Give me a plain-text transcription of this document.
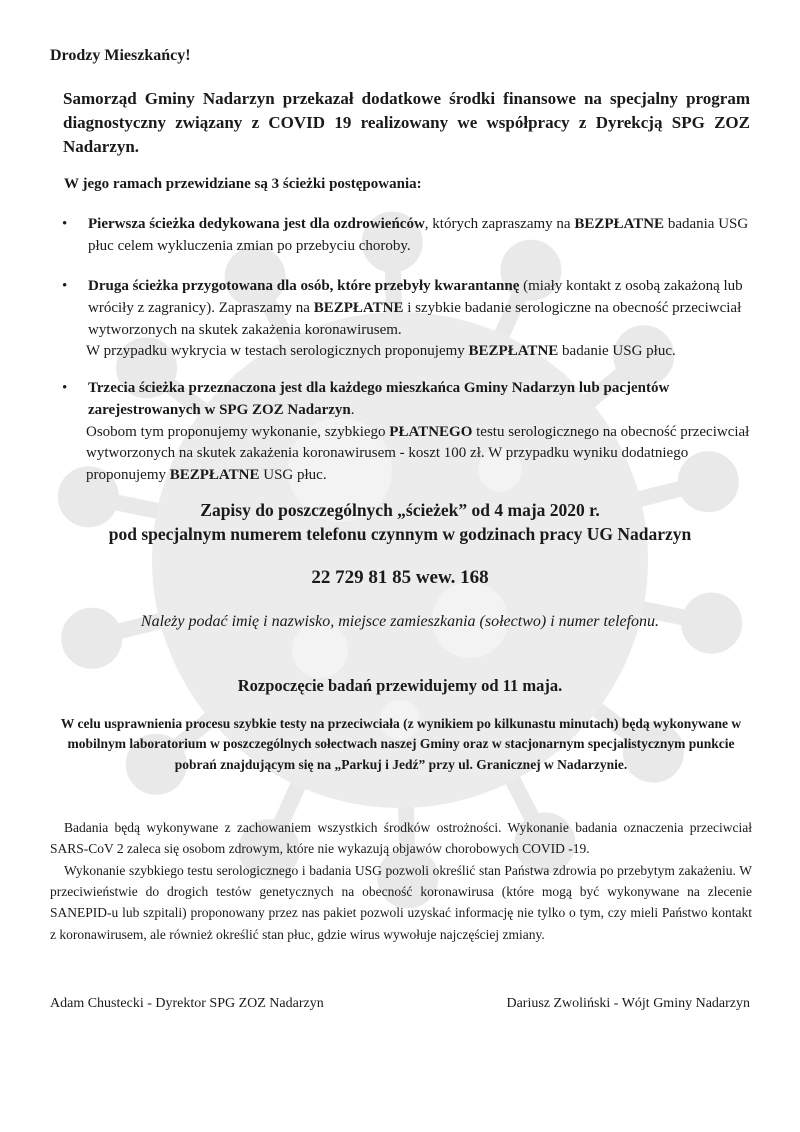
Drodzy Mieszkańcy!
Samorząd Gminy Nadarzyn przekazał dodatkowe środki finansowe na specjalny program diagnostyczny związany z COVID 19 realizowany we współpracy z Dyrekcją SPG ZOZ Nadarzyn.
W jego ramach przewidziane są 3 ścieżki postępowania:
• Pierwsza ścieżka dedykowana jest dla ozdrowieńców, których zapraszamy na BEZPŁATNE badania USG płuc celem wykluczenia zmian po przebyciu choroby.
• Druga ścieżka przygotowana dla osób, które przebyły kwarantannę (miały kontakt z osobą zakażoną lub wróciły z zagranicy). Zapraszamy na BEZPŁATNE i szybkie badanie serologiczne na obecność przeciwciał wytworzonych na skutek zakażenia koronawirusem.
W przypadku wykrycia w testach serologicznych proponujemy BEZPŁATNE badanie USG płuc.
• Trzecia ścieżka przeznaczona jest dla każdego mieszkańca Gminy Nadarzyn lub pacjentów zarejestrowanych w SPG ZOZ Nadarzyn.
Osobom tym proponujemy wykonanie, szybkiego PŁATNEGO testu serologicznego na obecność przeciwciał wytworzonych na skutek zakażenia koronawirusem - koszt 100 zł. W przypadku wyniku dodatniego proponujemy BEZPŁATNE USG płuc.
Zapisy do poszczególnych „ścieżek” od 4 maja 2020 r.
pod specjalnym numerem telefonu czynnym w godzinach pracy UG Nadarzyn
22 729 81 85 wew. 168
Należy podać imię i nazwisko, miejsce zamieszkania (sołectwo) i numer telefonu.
Rozpoczęcie badań przewidujemy od 11 maja.
W celu usprawnienia procesu szybkie testy na przeciwciała (z wynikiem po kilkunastu minutach) będą wykonywane w mobilnym laboratorium w poszczególnych sołectwach naszej Gminy oraz w stacjonarnym specjalistycznym punkcie pobrań znajdującym się na „Parkuj i Jedź” przy ul. Granicznej w Nadarzynie.

Badania będą wykonywane z zachowaniem wszystkich środków ostrożności. Wykonanie badania oznaczenia przeciwciał SARS-CoV 2 zaleca się osobom zdrowym, które nie wykazują objawów chorobowych COVID -19.

Wykonanie szybkiego testu serologicznego i badania USG pozwoli określić stan Państwa zdrowia po przebytym zakażeniu. W przeciwieństwie do drogich testów genetycznych na obecność koronawirusa (które mogą być wykonywane na zlecenie SANEPID-u lub szpitali) proponowany przez nas pakiet pozwoli uzyskać informację nie tylko o tym, czy mieli Państwo kontakt z koronawirusem, ale również określić stan płuc, gdzie wirus wywołuje najczęściej zmiany.

Adam Chustecki - Dyrektor SPG ZOZ Nadarzyn	Dariusz Zwoliński - Wójt Gminy Nadarzyn
